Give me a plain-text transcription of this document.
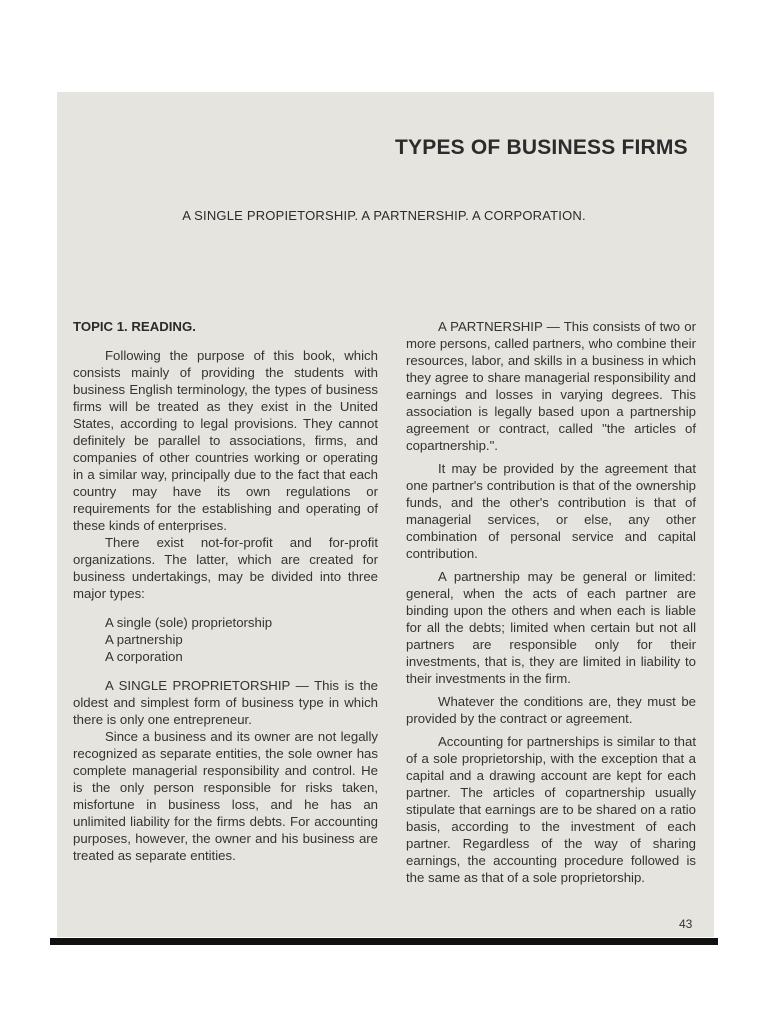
TYPES OF BUSINESS FIRMS
A SINGLE PROPIETORSHIP. A PARTNERSHIP. A CORPORATION.
TOPIC 1. READING.

Following the purpose of this book, which consists mainly of providing the students with business English terminology, the types of business firms will be treated as they exist in the United States, according to legal provisions. They cannot definitely be parallel to associations, firms, and companies of other countries working or operating in a similar way, principally due to the fact that each country may have its own regulations or requirements for the establishing and operating of these kinds of enterprises.

There exist not-for-profit and for-profit organizations. The latter, which are created for business undertakings, may be divided into three major types:

A single (sole) proprietorship
A partnership
A corporation

A SINGLE PROPRIETORSHIP — This is the oldest and simplest form of business type in which there is only one entrepreneur.

Since a business and its owner are not legally recognized as separate entities, the sole owner has complete managerial responsibility and control. He is the only person responsible for risks taken, misfortune in business loss, and he has an unlimited liability for the firms debts. For accounting purposes, however, the owner and his business are treated as separate entities.

A PARTNERSHIP — This consists of two or more persons, called partners, who combine their resources, labor, and skills in a business in which they agree to share managerial responsibility and earnings and losses in varying degrees. This association is legally based upon a partnership agreement or contract, called "the articles of copartnership.".

It may be provided by the agreement that one partner's contribution is that of the ownership funds, and the other's contribution is that of managerial services, or else, any other combination of personal service and capital contribution.

A partnership may be general or limited: general, when the acts of each partner are binding upon the others and when each is liable for all the debts; limited when certain but not all partners are responsible only for their investments, that is, they are limited in liability to their investments in the firm.

Whatever the conditions are, they must be provided by the contract or agreement.

Accounting for partnerships is similar to that of a sole proprietorship, with the exception that a capital and a drawing account are kept for each partner. The articles of copartnership usually stipulate that earnings are to be shared on a ratio basis, according to the investment of each partner. Regardless of the way of sharing earnings, the accounting procedure followed is the same as that of a sole proprietorship.

43
